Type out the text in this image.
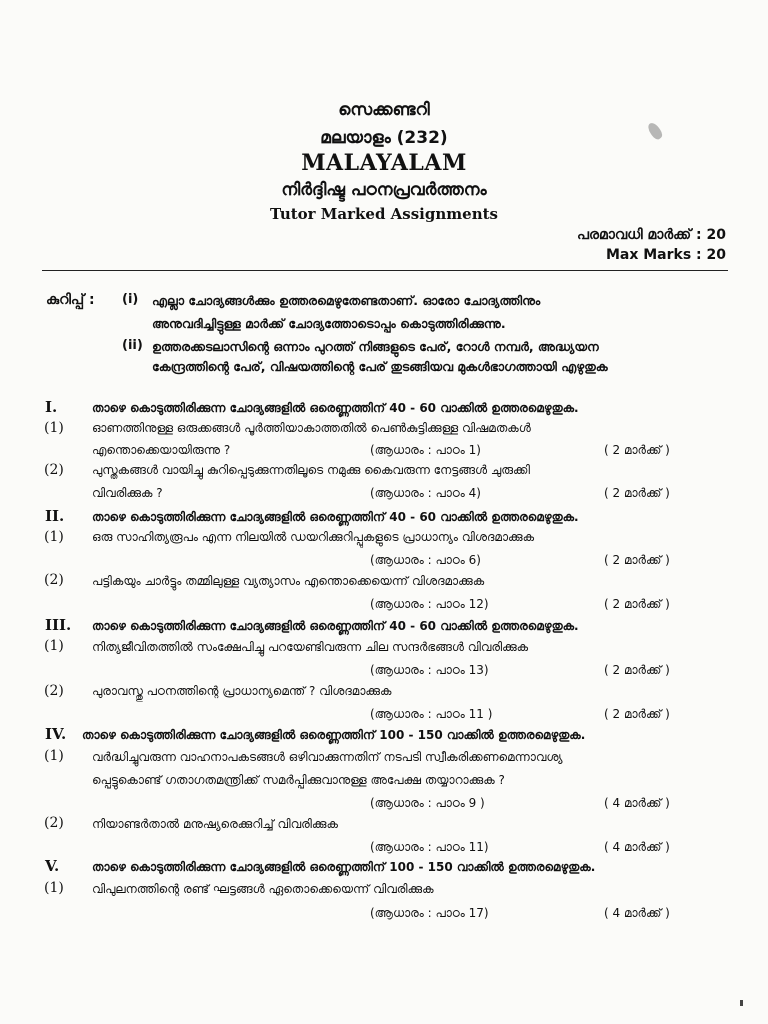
സെക്കണ്ടറി
മലയാളം (232)
MALAYALAM
നിർദ്ദിഷ്ട പഠനപ്രവർത്തനം
Tutor Marked Assignments
പരമാവധി മാർക്ക് : 20
Max Marks : 20
കുറിപ്പ് : (i) എല്ലാ ചോദ്യങ്ങൾക്കും ഉത്തരമെഴുതേണ്ടതാണ്. ഓരോ ചോദ്യത്തിനും
അനുവദിച്ചിട്ടുള്ള മാർക്ക് ചോദ്യത്തോടൊപ്പം കൊടുത്തിരിക്കുന്നു.
(ii) ഉത്തരക്കടലാസിന്റെ ഒന്നാം പുറത്ത് നിങ്ങളുടെ പേര്, റോൾ നമ്പർ, അദ്ധ്യയന
കേന്ദ്രത്തിന്റെ പേര്, വിഷയത്തിന്റെ പേര് തുടങ്ങിയവ മുകൾഭാഗത്തായി എഴുതുക
I.	താഴെ കൊടുത്തിരിക്കുന്ന ചോദ്യങ്ങളിൽ ഒരെണ്ണത്തിന് 40 - 60 വാക്കിൽ ഉത്തരമെഴുതുക.
(1) ഓണത്തിനുള്ള ഒരുക്കങ്ങൾ പൂർത്തിയാകാത്തതിൽ പെൺകുട്ടിക്കുള്ള വിഷമതകൾ
എന്തൊക്കെയായിരുന്നു ?	(ആധാരം : പാഠം 1)	( 2 മാർക്ക് )
(2) പുസ്തകങ്ങൾ വായിച്ചു കുറിപ്പെടുക്കുന്നതിലൂടെ നമുക്കു കൈവരുന്ന നേട്ടങ്ങൾ ചുരുക്കി
വിവരിക്കുക ?	(ആധാരം : പാഠം 4)	( 2 മാർക്ക് )
II. താഴെ കൊടുത്തിരിക്കുന്ന ചോദ്യങ്ങളിൽ ഒരെണ്ണത്തിന് 40 - 60 വാക്കിൽ ഉത്തരമെഴുതുക.
(1) ഒരു സാഹിത്യരൂപം എന്ന നിലയിൽ ഡയറിക്കുറിപ്പുകളുടെ പ്രാധാന്യം വിശദമാക്കുക
(ആധാരം : പാഠം 6)	( 2 മാർക്ക് )
(2) പട്ടികയും ചാർട്ടും തമ്മിലുള്ള വ്യത്യാസം എന്തൊക്കെയെന്ന് വിശദമാക്കുക
(ആധാരം : പാഠം 12)	( 2 മാർക്ക് )
III. താഴെ കൊടുത്തിരിക്കുന്ന ചോദ്യങ്ങളിൽ ഒരെണ്ണത്തിന് 40 - 60 വാക്കിൽ ഉത്തരമെഴുതുക.
(1) നിത്യജീവിതത്തിൽ സംക്ഷേപിച്ചു പറയേണ്ടിവരുന്ന ചില സന്ദർഭങ്ങൾ വിവരിക്കുക
(ആധാരം : പാഠം 13)	( 2 മാർക്ക് )
(2) പുരാവസ്തു പഠനത്തിന്റെ പ്രാധാന്യമെന്ത് ? വിശദമാക്കുക
(ആധാരം : പാഠം 11 )	( 2 മാർക്ക് )
IV. താഴെ കൊടുത്തിരിക്കുന്ന ചോദ്യങ്ങളിൽ ഒരെണ്ണത്തിന് 100 - 150 വാക്കിൽ ഉത്തരമെഴുതുക.
(1) വർദ്ധിച്ചുവരുന്ന വാഹനാപകടങ്ങൾ ഒഴിവാക്കുന്നതിന് നടപടി സ്വീകരിക്കണമെന്നാവശ്യ
പ്പെട്ടുകൊണ്ട് ഗതാഗതമന്ത്രിക്ക് സമർപ്പിക്കുവാനുള്ള അപേക്ഷ തയ്യാറാക്കുക ?
(ആധാരം : പാഠം 9 )	( 4 മാർക്ക് )
(2) നിയാണ്ടർതാൽ മനുഷ്യരെക്കുറിച്ച് വിവരിക്കുക
(ആധാരം : പാഠം 11)	( 4 മാർക്ക് )
V.	താഴെ കൊടുത്തിരിക്കുന്ന ചോദ്യങ്ങളിൽ ഒരെണ്ണത്തിന് 100 - 150 വാക്കിൽ ഉത്തരമെഴുതുക.
(1) വിപുലനത്തിന്റെ രണ്ട് ഘട്ടങ്ങൾ ഏതൊക്കെയെന്ന് വിവരിക്കുക
(ആധാരം : പാഠം 17)	( 4 മാർക്ക് )
